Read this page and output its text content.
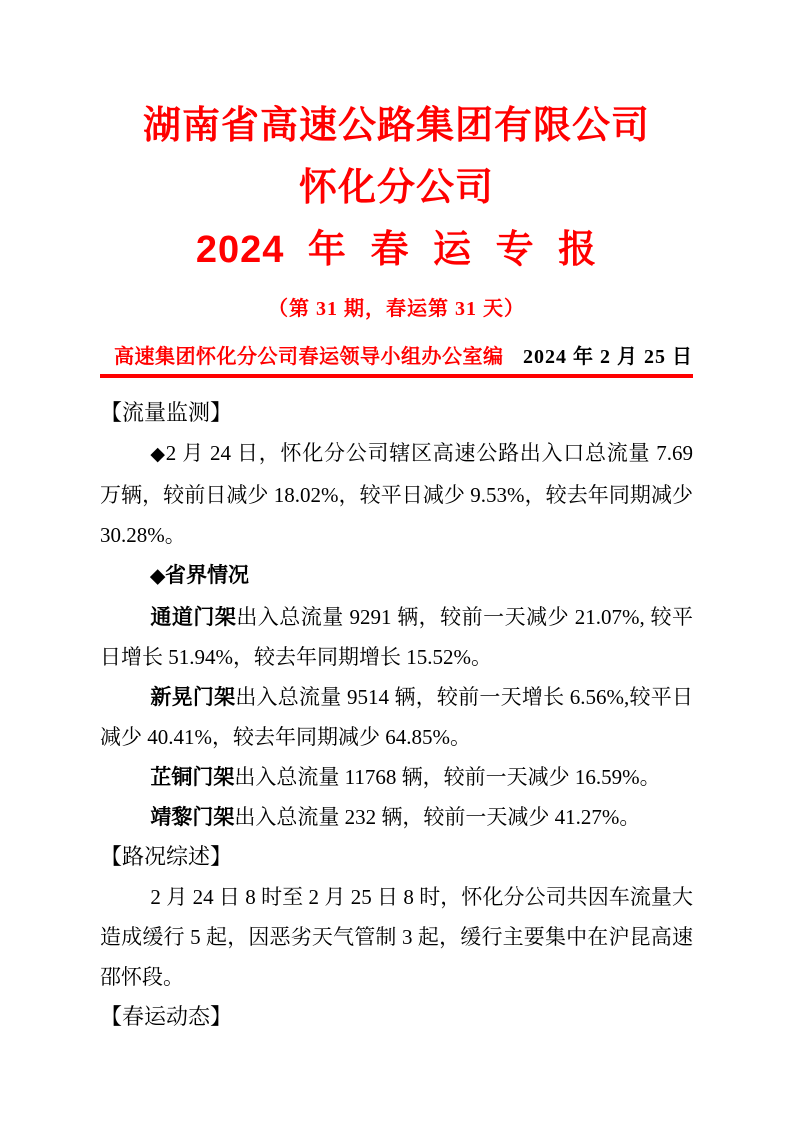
湖南省高速公路集团有限公司
怀化分公司
2024 年 春 运 专 报
（第 31 期，春运第 31 天）
高速集团怀化分公司春运领导小组办公室编 2024 年 2 月 25 日
【流量监测】

◆2 月 24 日，怀化分公司辖区高速公路出入口总流量 7.69 万辆，较前日减少 18.02%，较平日减少 9.53%，较去年同期减少 30.28%。

◆省界情况

通道门架出入总流量 9291 辆，较前一天减少 21.07%, 较平日增长 51.94%，较去年同期增长 15.52%。

新晃门架出入总流量 9514 辆，较前一天增长 6.56%,较平日减少 40.41%，较去年同期减少 64.85%。

芷铜门架出入总流量 11768 辆，较前一天减少 16.59%。

靖黎门架出入总流量 232 辆，较前一天减少 41.27%。

【路况综述】

2 月 24 日 8 时至 2 月 25 日 8 时，怀化分公司共因车流量大造成缓行 5 起，因恶劣天气管制 3 起，缓行主要集中在沪昆高速邵怀段。

【春运动态】
